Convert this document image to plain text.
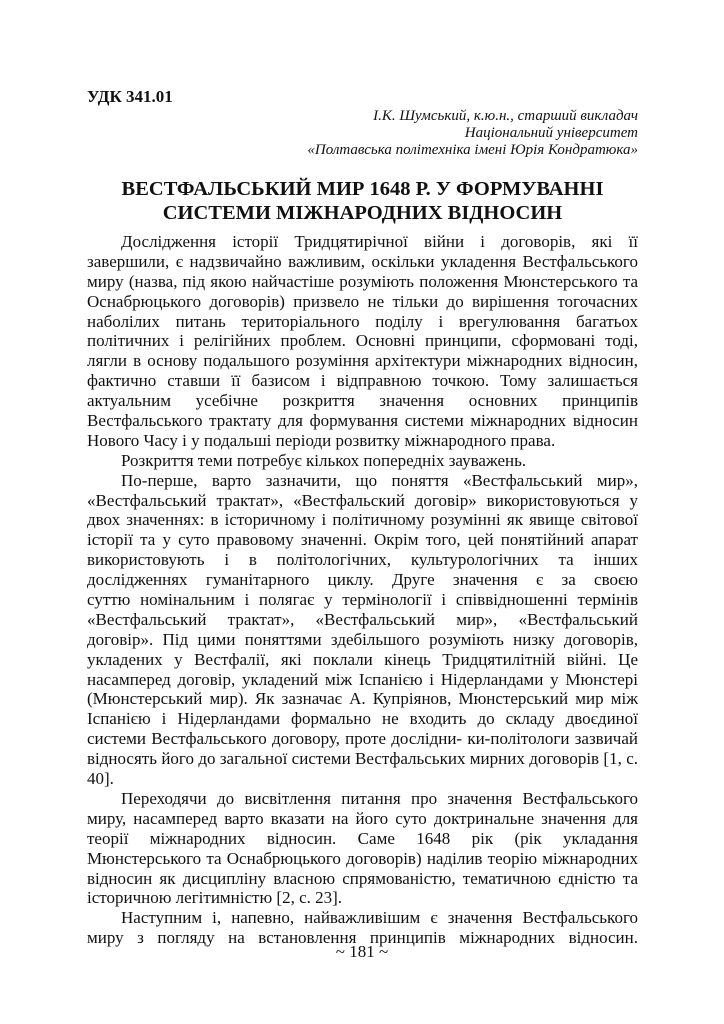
УДК 341.01
І.К. Шумський, к.ю.н., старший викладач
Національний університет
«Полтавська політехніка імені Юрія Кондратюка»
ВЕСТФАЛЬСЬКИЙ МИР 1648 Р. У ФОРМУВАННІ
СИСТЕМИ МІЖНАРОДНИХ ВІДНОСИН
Дослідження історії Тридцятирічної війни і договорів, які її
завершили, є надзвичайно важливим, оскільки укладення Вестфальського
миру (назва, під якою найчастіше розуміють положення Мюнстерського та
Оснабрюцького договорів) призвело не тільки до вирішення тогочасних
наболілих питань територіального поділу і врегулювання багатьох
політичних і релігійних проблем. Основні принципи, сформовані тоді,
лягли в основу подальшого розуміння архітектури міжнародних відносин,
фактично ставши її базисом і відправною точкою. Тому залишається
актуальним усебічне розкриття значення основних принципів
Вестфальського трактату для формування системи міжнародних відносин
Нового Часу і у подальші періоди розвитку міжнародного права.
Розкриття теми потребує кількох попередніх зауважень.
По-перше, варто зазначити, що поняття «Вестфальський мир»,
«Вестфальський трактат», «Вестфальский договір» використовуються у
двох значеннях: в історичному і політичному розумінні як явище світової
історії та у суто правовому значенні. Окрім того, цей понятійний апарат
використовують і в політологічних, культурологічних та інших
дослідженнях гуманітарного циклу. Друге значення є за своєю
суттю номінальним і полягає у термінології і співвідношенні термінів
«Вестфальський трактат», «Вестфальський мир», «Вестфальський
договір». Під цими поняттями здебільшого розуміють низку договорів,
укладених у Вестфалії, які поклали кінець Тридцятилітній війні. Це
насамперед договір, укладений між Іспанією і Нідерландами у Мюнстері
(Мюнстерський мир). Як зазначає А. Купріянов, Мюнстерський мир між
Іспанією і Нідерландами формально не входить до складу двоєдиної
системи Вестфальського договору, проте дослідни- ки-політологи зазвичай
відносять його до загальної системи Вестфальських мирних договорів [1, с.
40].
Переходячи до висвітлення питання про значення Вестфальського
миру, насамперед варто вказати на його суто доктринальне значення для
теорії міжнародних відносин. Саме 1648 рік (рік укладання
Мюнстерського та Оснабрюцького договорів) наділив теорію міжнародних
відносин як дисципліну власною спрямованістю, тематичною єдністю та
історичною легітимністю [2, с. 23].
Наступним і, напевно, найважливішим є значення Вестфальського
миру з погляду на встановлення принципів міжнародних відносин.
~ 181 ~
